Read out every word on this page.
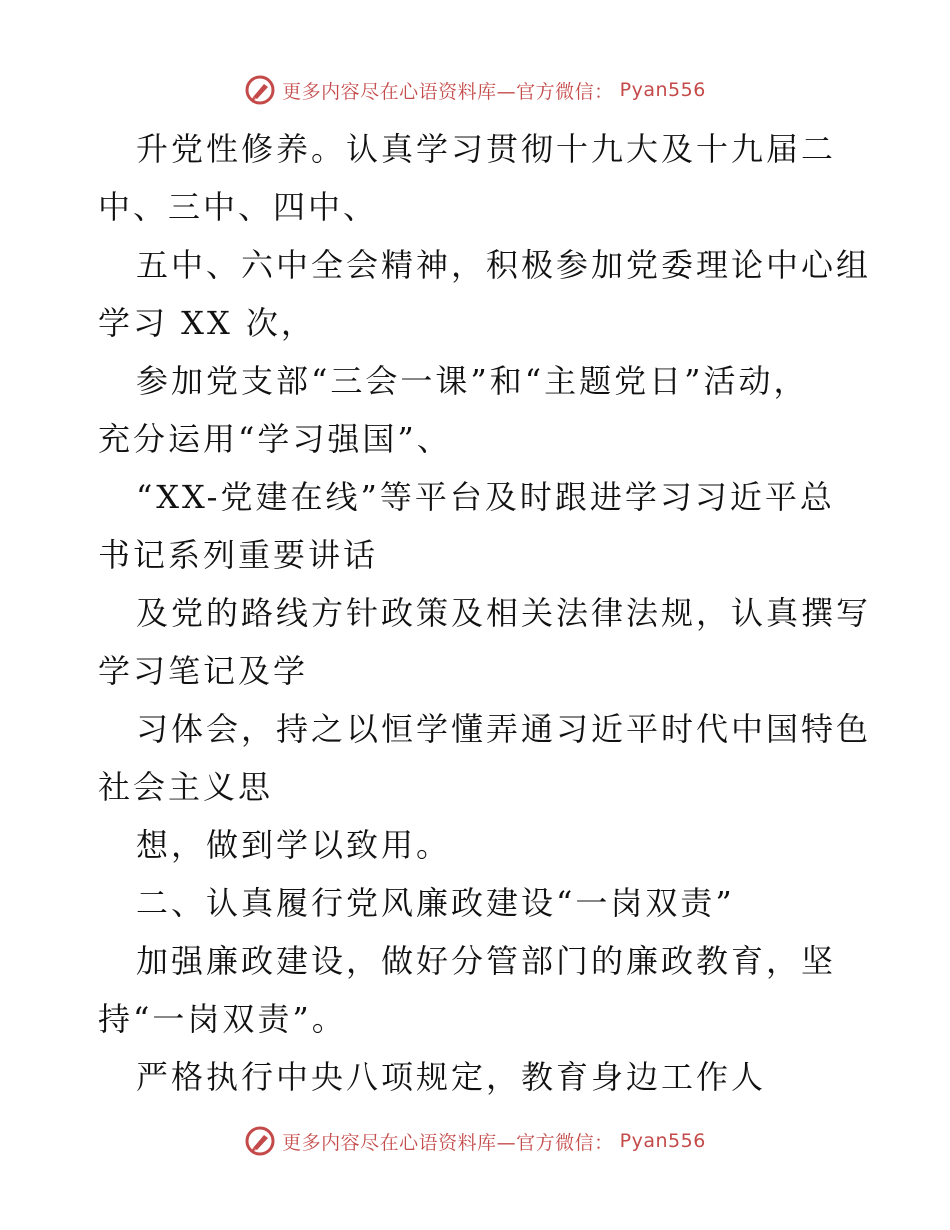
更多内容尽在心语资料库—官方微信： Pyan556
升党性修养。认真学习贯彻十九大及十九届二
中、三中、四中、
五中、六中全会精神，积极参加党委理论中心组
学习 XX 次，
参加党支部“三会一课”和“主题党日”活动，
充分运用“学习强国”、
“XX-党建在线”等平台及时跟进学习习近平总
书记系列重要讲话
及党的路线方针政策及相关法律法规，认真撰写
学习笔记及学
习体会，持之以恒学懂弄通习近平时代中国特色
社会主义思
想，做到学以致用。
二、认真履行党风廉政建设“一岗双责”
加强廉政建设，做好分管部门的廉政教育，坚
持“一岗双责”。
严格执行中央八项规定，教育身边工作人
更多内容尽在心语资料库—官方微信： Pyan556
